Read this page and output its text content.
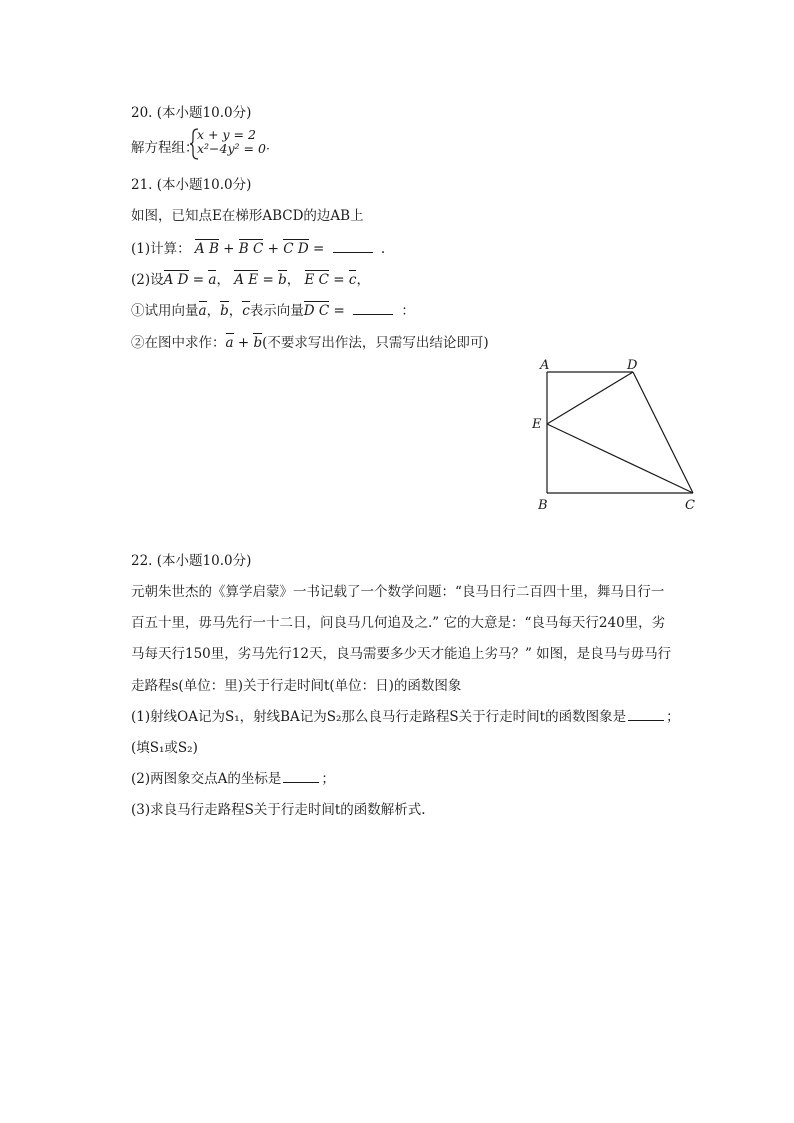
20. (本小题10.0分)
解方程组：
x + y = 2
x²−4y² = 0·
21. (本小题10.0分)
如图，已知点E在梯形ABCD的边AB上
(1)计算： A B + B C + C D =	.
(2)设A D = a， A E = b， E C = c，
①试用向量a，b，c表示向量D C =	：
②在图中求作：a + b(不要求写出作法，只需写出结论即可)
A	D
E
B	C
22. (本小题10.0分)
元朝朱世杰的《算学启蒙》一书记载了一个数学问题：“良马日行二百四十里，舞马日行一
百五十里，毋马先行一十二日，问良马几何追及之.” 它的大意是：“良马每天行240里，劣
马每天行150里，劣马先行12天，良马需要多少天才能追上劣马？” 如图，是良马与毋马行
走路程s(单位：里)关于行走时间t(单位：日)的函数图象
(1)射线OA记为S₁，射线BA记为S₂那么良马行走路程S关于行走时间t的函数图象是	；
(填S₁或S₂)
(2)两图象交点A的坐标是	；
(3)求良马行走路程S关于行走时间t的函数解析式.
